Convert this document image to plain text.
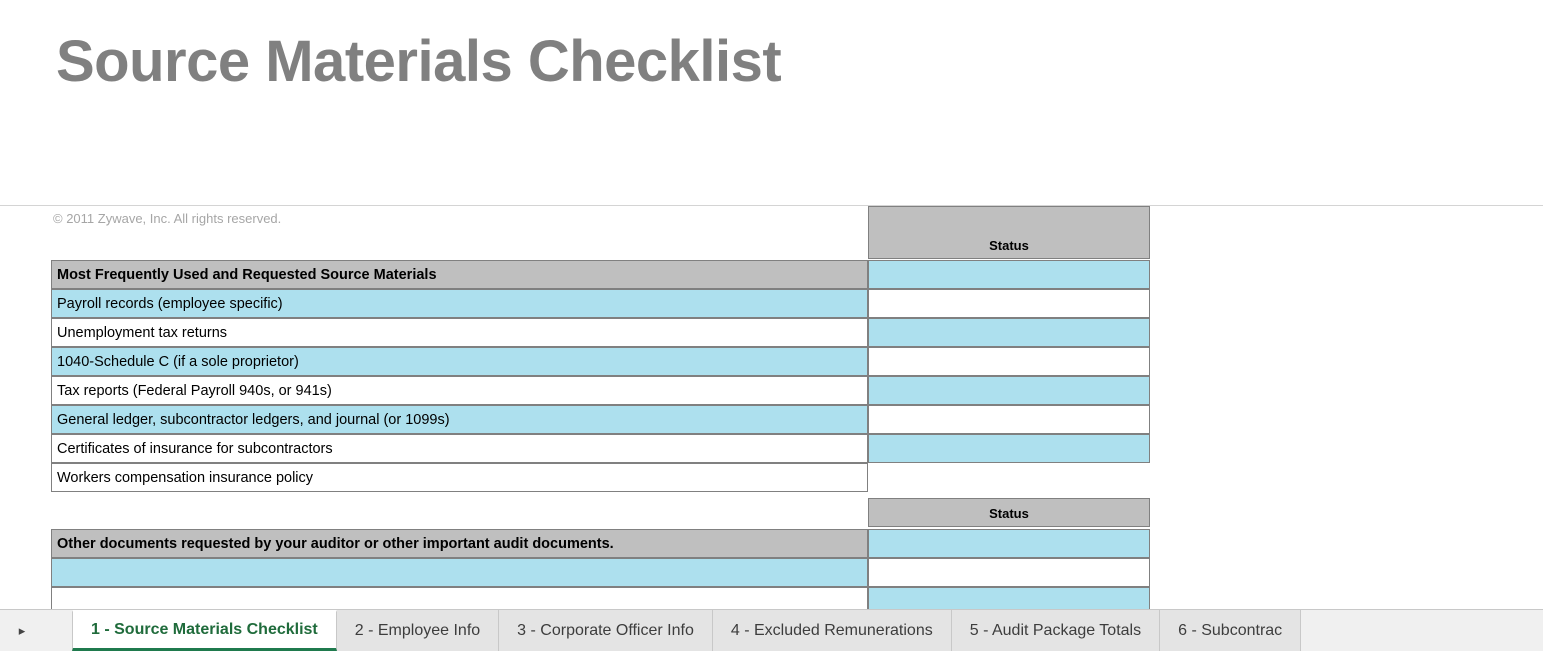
Source Materials Checklist
© 2011 Zywave, Inc. All rights reserved.
Status
Most Frequently Used and Requested Source Materials
Payroll records (employee specific)
Unemployment tax returns
1040-Schedule C (if a sole proprietor)
Tax reports (Federal Payroll 940s, or 941s)
General ledger, subcontractor ledgers, and journal (or 1099s)
Certificates of insurance for subcontractors
Workers compensation insurance policy
Status
Other documents requested by your auditor or other important audit documents.
▸	1 - Source Materials Checklist	2 - Employee Info	3 - Corporate Officer Info	4 - Excluded Remunerations	5 - Audit Package Totals	6 - Subcontrac
